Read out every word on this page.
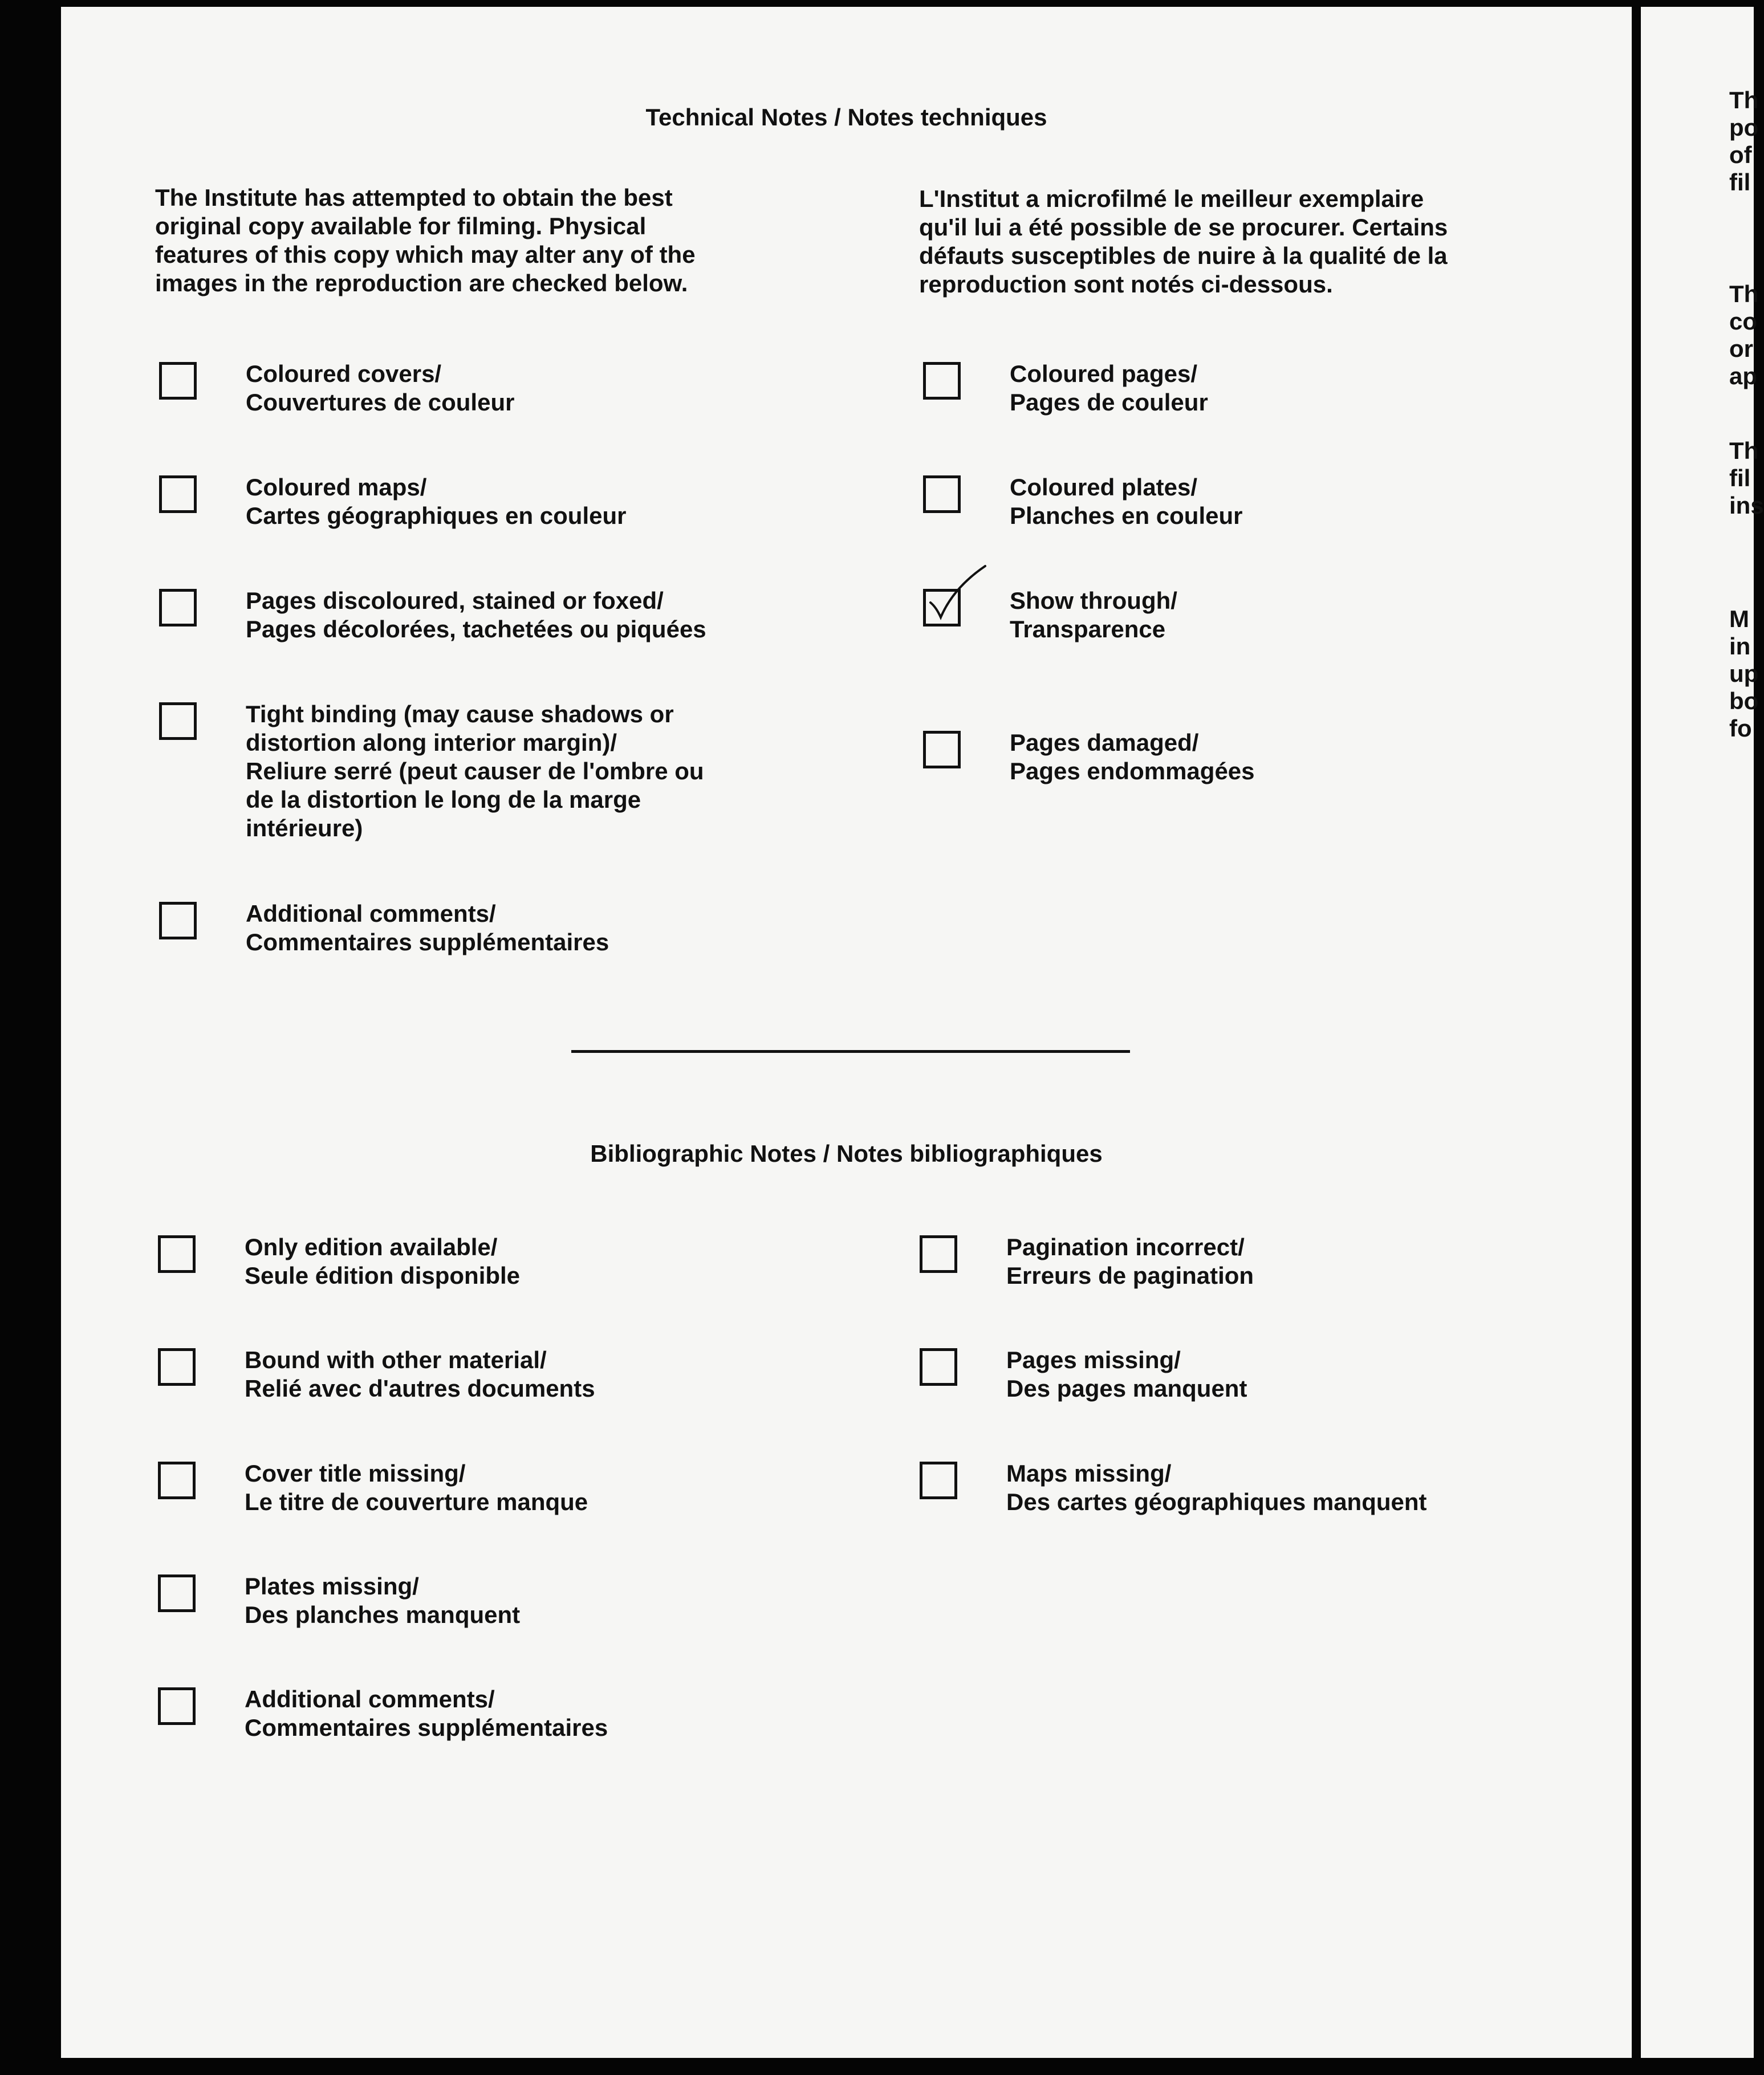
Technical Notes / Notes techniques
The Institute has attempted to obtain the best
original copy available for filming. Physical
features of this copy which may alter any of the
images in the reproduction are checked below.
L'Institut a microfilmé le meilleur exemplaire
qu'il lui a été possible de se procurer. Certains
défauts susceptibles de nuire à la qualité de la
reproduction sont notés ci-dessous.
Coloured covers/
Couvertures de couleur
Coloured maps/
Cartes géographiques en couleur
Pages discoloured, stained or foxed/
Pages décolorées, tachetées ou piquées
Tight binding (may cause shadows or
distortion along interior margin)/
Reliure serré (peut causer de l'ombre ou
de la distortion le long de la marge
intérieure)
Additional comments/
Commentaires supplémentaires
Coloured pages/
Pages de couleur
Coloured plates/
Planches en couleur
Show through/
Transparence
Pages damaged/
Pages endommagées
Bibliographic Notes / Notes bibliographiques
Only edition available/
Seule édition disponible
Bound with other material/
Relié avec d'autres documents
Cover title missing/
Le titre de couverture manque
Plates missing/
Des planches manquent
Additional comments/
Commentaires supplémentaires
Pagination incorrect/
Erreurs de pagination
Pages missing/
Des pages manquent
Maps missing/
Des cartes géographiques manquent
Th
po
of
fil
Th
co
or
ap
Th
fil
ins
M
in
up
bo
fo
